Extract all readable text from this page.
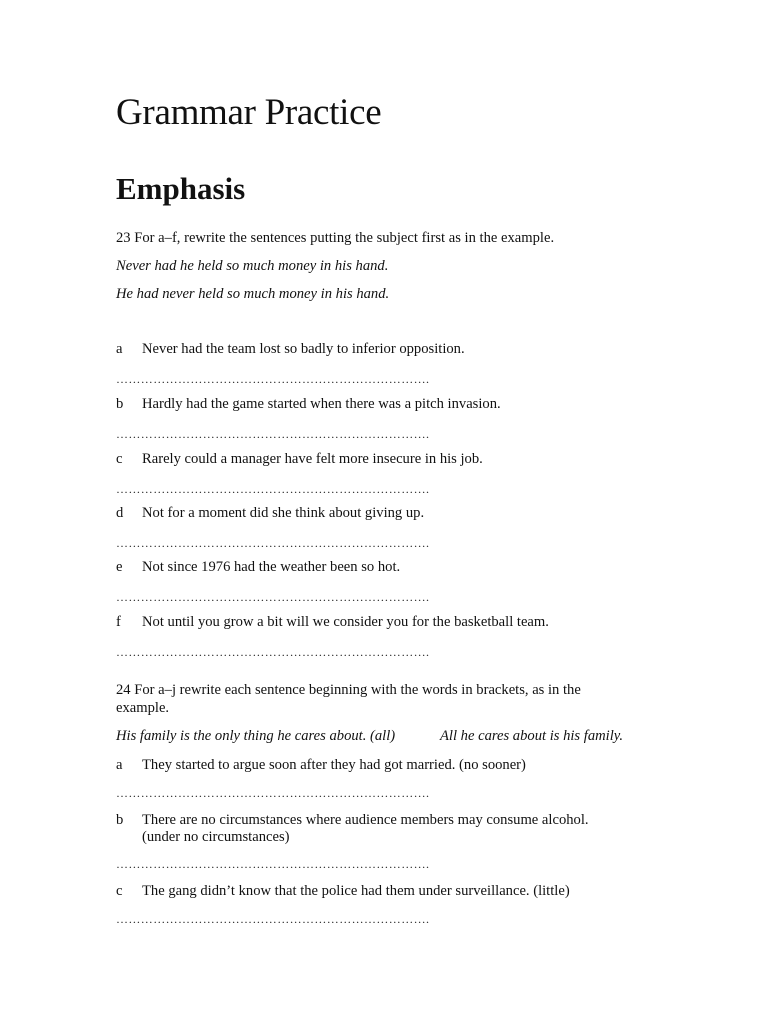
Grammar Practice
Emphasis
23 For a–f, rewrite the sentences putting the subject first as in the example.
Never had he held so much money in his hand.
He had never held so much money in his hand.
a Never had the team lost so badly to inferior opposition.
………………………………………………………………….
b Hardly had the game started when there was a pitch invasion.
………………………………………………………………….
c Rarely could a manager have felt more insecure in his job.
………………………………………………………………….
d Not for a moment did she think about giving up.
………………………………………………………………….
e Not since 1976 had the weather been so hot.
………………………………………………………………….
f Not until you grow a bit will we consider you for the basketball team.
………………………………………………………………….
24 For a–j rewrite each sentence beginning with the words in brackets, as in the
example.
His family is the only thing he cares about. (all)	All he cares about is his family.
a They started to argue soon after they had got married. (no sooner)
………………………………………………………………….
b There are no circumstances where audience members may consume alcohol.
(under no circumstances)
………………………………………………………………….
c The gang didn’t know that the police had them under surveillance. (little)
………………………………………………………………….
